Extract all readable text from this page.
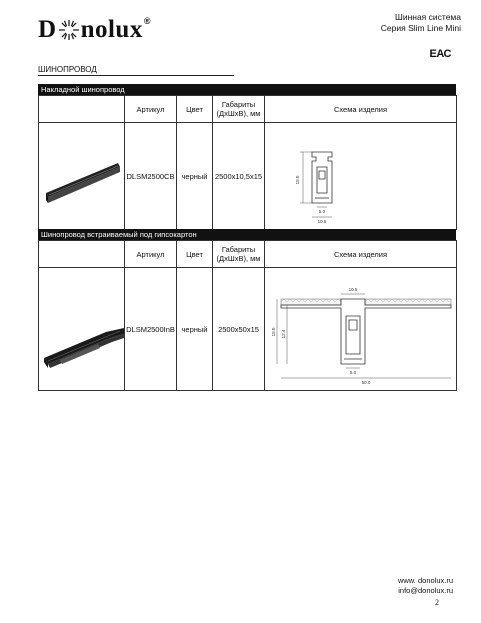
D nolux®	Шинная система
Серия Slim Line Mini
ЕАС
ШИНОПРОВОД
Накладной шинопровод
	Артикул	Цвет	Габариты
(ДхШхВ), мм	Схема изделия
	DLSM2500CB	черный	2500x10,5x15	15.0
5.0
10.5
Шинопровод встраиваемый под гипсокартон
	Артикул	Цвет	Габариты
(ДхШхВ), мм	Схема изделия
	DLSM2500InB	черный	2500x50x15	10.5
15.0 12.4
5.0
50.0
www. donolux.ru
info@donolux.ru
2
